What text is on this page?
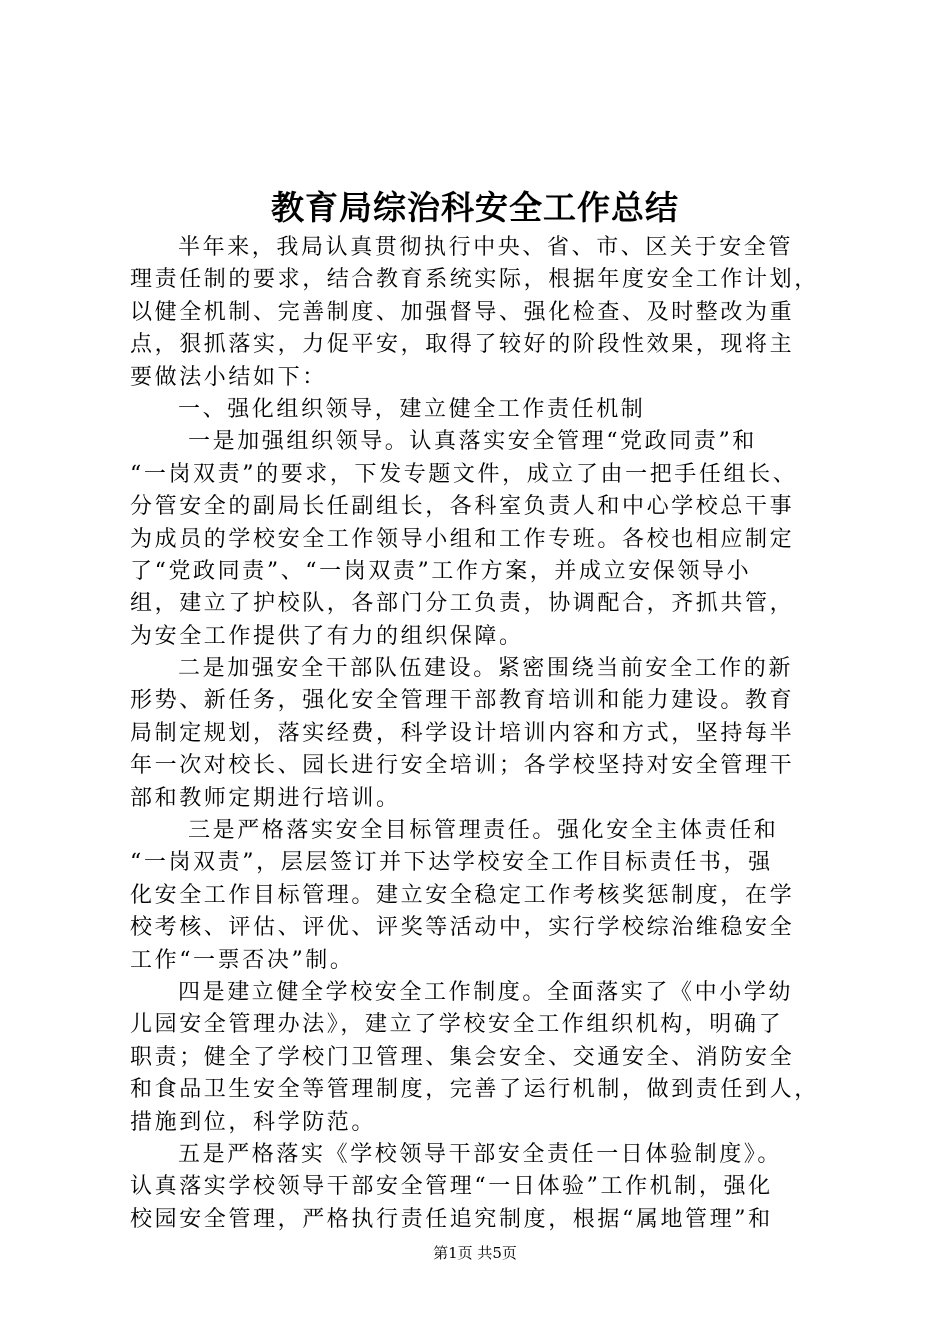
教育局综治科安全工作总结
半年来，我局认真贯彻执行中央、省、市、区关于安全管
理责任制的要求，结合教育系统实际，根据年度安全工作计划，
以健全机制、完善制度、加强督导、强化检查、及时整改为重
点，狠抓落实，力促平安，取得了较好的阶段性效果，现将主
要做法小结如下：
一、强化组织领导，建立健全工作责任机制
一是加强组织领导。认真落实安全管理“党政同责”和
“一岗双责”的要求，下发专题文件，成立了由一把手任组长、
分管安全的副局长任副组长，各科室负责人和中心学校总干事
为成员的学校安全工作领导小组和工作专班。各校也相应制定
了“党政同责”、“一岗双责”工作方案，并成立安保领导小
组，建立了护校队，各部门分工负责，协调配合，齐抓共管，
为安全工作提供了有力的组织保障。
二是加强安全干部队伍建设。紧密围绕当前安全工作的新
形势、新任务，强化安全管理干部教育培训和能力建设。教育
局制定规划，落实经费，科学设计培训内容和方式，坚持每半
年一次对校长、园长进行安全培训；各学校坚持对安全管理干
部和教师定期进行培训。
三是严格落实安全目标管理责任。强化安全主体责任和
“一岗双责”，层层签订并下达学校安全工作目标责任书，强
化安全工作目标管理。建立安全稳定工作考核奖惩制度，在学
校考核、评估、评优、评奖等活动中，实行学校综治维稳安全
工作“一票否决”制。
四是建立健全学校安全工作制度。全面落实了《中小学幼
儿园安全管理办法》，建立了学校安全工作组织机构，明确了
职责；健全了学校门卫管理、集会安全、交通安全、消防安全
和食品卫生安全等管理制度，完善了运行机制，做到责任到人，
措施到位，科学防范。
五是严格落实《学校领导干部安全责任一日体验制度》。
认真落实学校领导干部安全管理“一日体验”工作机制，强化
校园安全管理，严格执行责任追究制度，根据“属地管理”和
第1页 共5页
